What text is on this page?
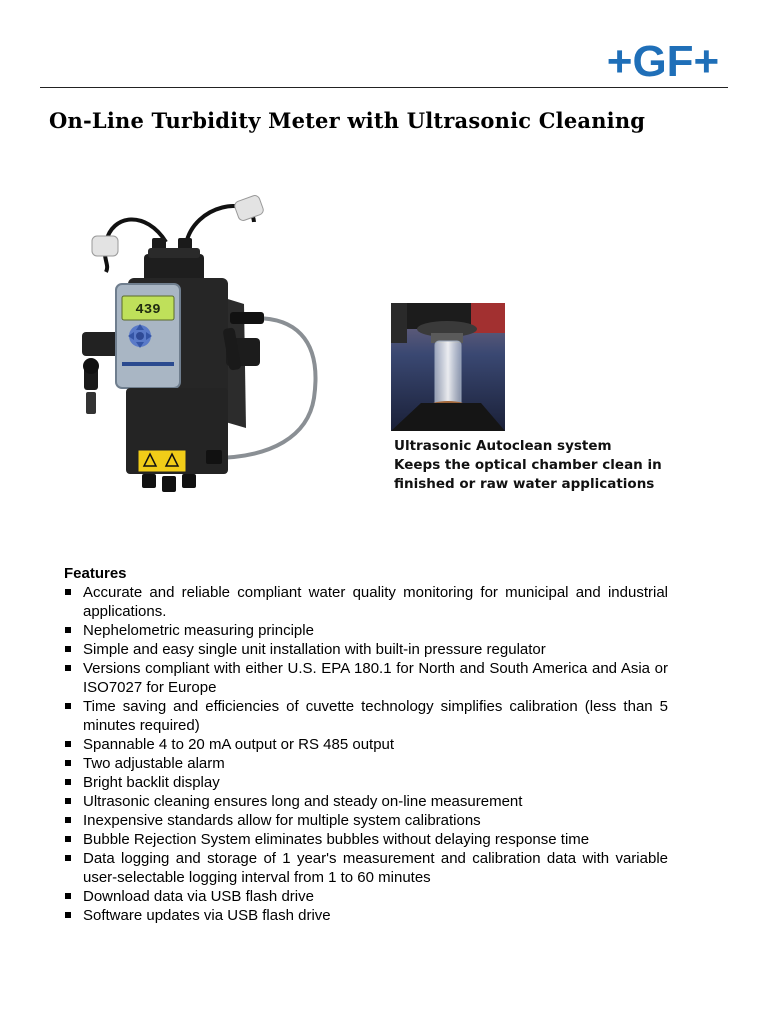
+GF+
On-Line Turbidity Meter with Ultrasonic Cleaning
439
Ultrasonic Autoclean system
Keeps the optical chamber clean in finished or raw water applications
Features
Accurate and reliable compliant water quality monitoring for municipal and industrial applications.
Nephelometric measuring principle
Simple and easy single unit installation with built-in pressure regulator
Versions compliant with either U.S. EPA 180.1 for North and South America and Asia or ISO7027 for Europe
Time saving and efficiencies of cuvette technology simplifies calibration (less than 5 minutes required)
Spannable 4 to 20 mA output or RS 485 output
Two adjustable alarm
Bright backlit display
Ultrasonic cleaning ensures long and steady on-line measurement
Inexpensive standards allow for multiple system calibrations
Bubble Rejection System eliminates bubbles without delaying response time
Data logging and storage of 1 year's measurement and calibration data with variable user-selectable logging interval from 1 to 60 minutes
Download data via USB flash drive
Software updates via USB flash drive
